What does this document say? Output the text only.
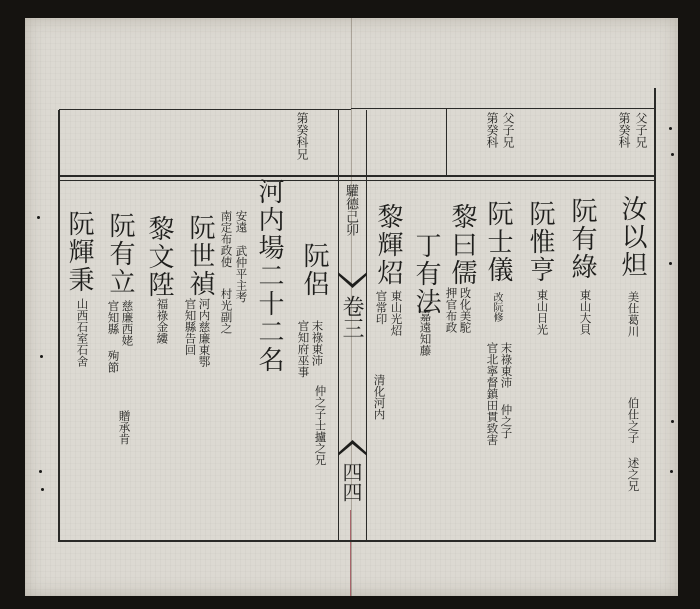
父子兄
第癸科
父子兄
第癸科
第癸科兄
驩德己卯
卷三
四四
清化河内
汝以炟
美仕葛川
伯仕之子 述之兄
阮有綠
東山大貝
阮惟亨
東山日光
阮士儀
改阮修
末祿東沛
仲之子
官北寧督鎮田貫致害
黎曰儒
攺化美駝
押官布政
丁有法
嘉遠知藤
黎輝炤
東山光炤
官常印
阮侶
末祿東沛
仲之子士攎之兄
官知府巫事
河内場二十二名
安遠
武仲平主考
南定布政使
村光副之
阮世禎
河内慈廉東鄂
官知縣告回
黎文陞
福祿金縷
阮有立
慈廉西姥
官知縣
殉節
贈承肯
阮輝秉
山西石室石舍
